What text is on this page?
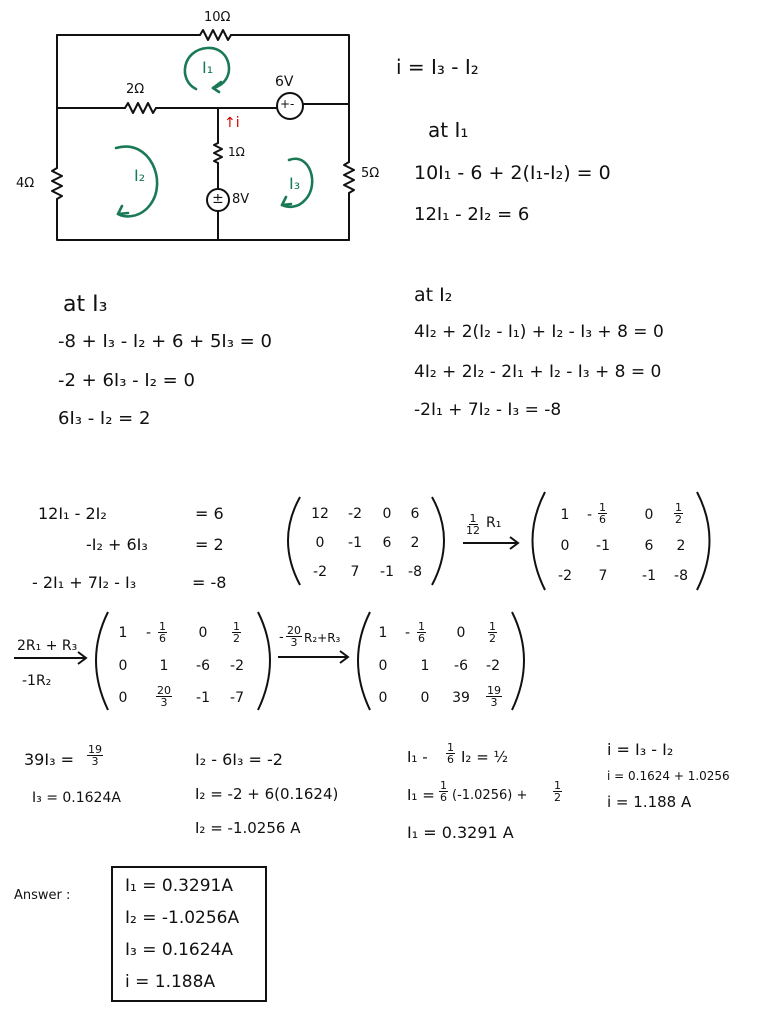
10Ω
2Ω	6V
+-
↑i
1Ω
± 8V
4Ω
5Ω
I₁
I₂	I₃
i = I₃ - I₂
at I₁
10I₁ - 6 + 2(I₁-I₂) = 0
12I₁ - 2I₂ = 6
at I₃
-8 + I₃ - I₂ + 6 + 5I₃ = 0
-2 + 6I₃ - I₂ = 0
6I₃ - I₂ = 2
at I₂
4I₂ + 2(I₂ - I₁) + I₂ - I₃ + 8 = 0
4I₂ + 2I₂ - 2I₁ + I₂ - I₃ + 8 = 0
-2I₁ + 7I₂ - I₃ = -8
12I₁ - 2I₂	= 6
-I₂ + 6I₃	= 2
- 2I₁ + 7I₂ - I₃	= -8
12	-2	0	6
0	-1	6	2
-2	7	-1	-8
$\frac{1}{12} R_1$	1	- $\frac{1}{6}$	0	$\frac{1}{2}$
0	-1	6	2
-2	7	-1	-8
2R₁ + R₃
-1R₂
1	- $\frac{1}{6}$	0	$\frac{1}{2}$
0	1	-6	-2
0	$\frac{20}{3}$	-1	-7
- $\frac{20}{3} R_2+R_3$	1	- $\frac{1}{6}$	0	$\frac{1}{2}$
0	1	-6	-2
0	0	39	$\frac{19}{3}$
$39I_3 = \frac{19}{3}$
I₃ = 0.1624A
I₂ - 6I₃ = -2
I₂ = -2 + 6(0.1624)
I₂ = -1.0256 A
$I_1 - \frac{1}{6} I_2$ = ½
$I_1 = \frac{1}{6} (-1.0256) + \frac{1}{2}$
I₁ = 0.3291 A
i = I₃ - I₂
i = 0.1624 + 1.0256
i = 1.188 A
Answer :	I₁ = 0.3291A
I₂ = -1.0256A
I₃ = 0.1624A
i = 1.188A
